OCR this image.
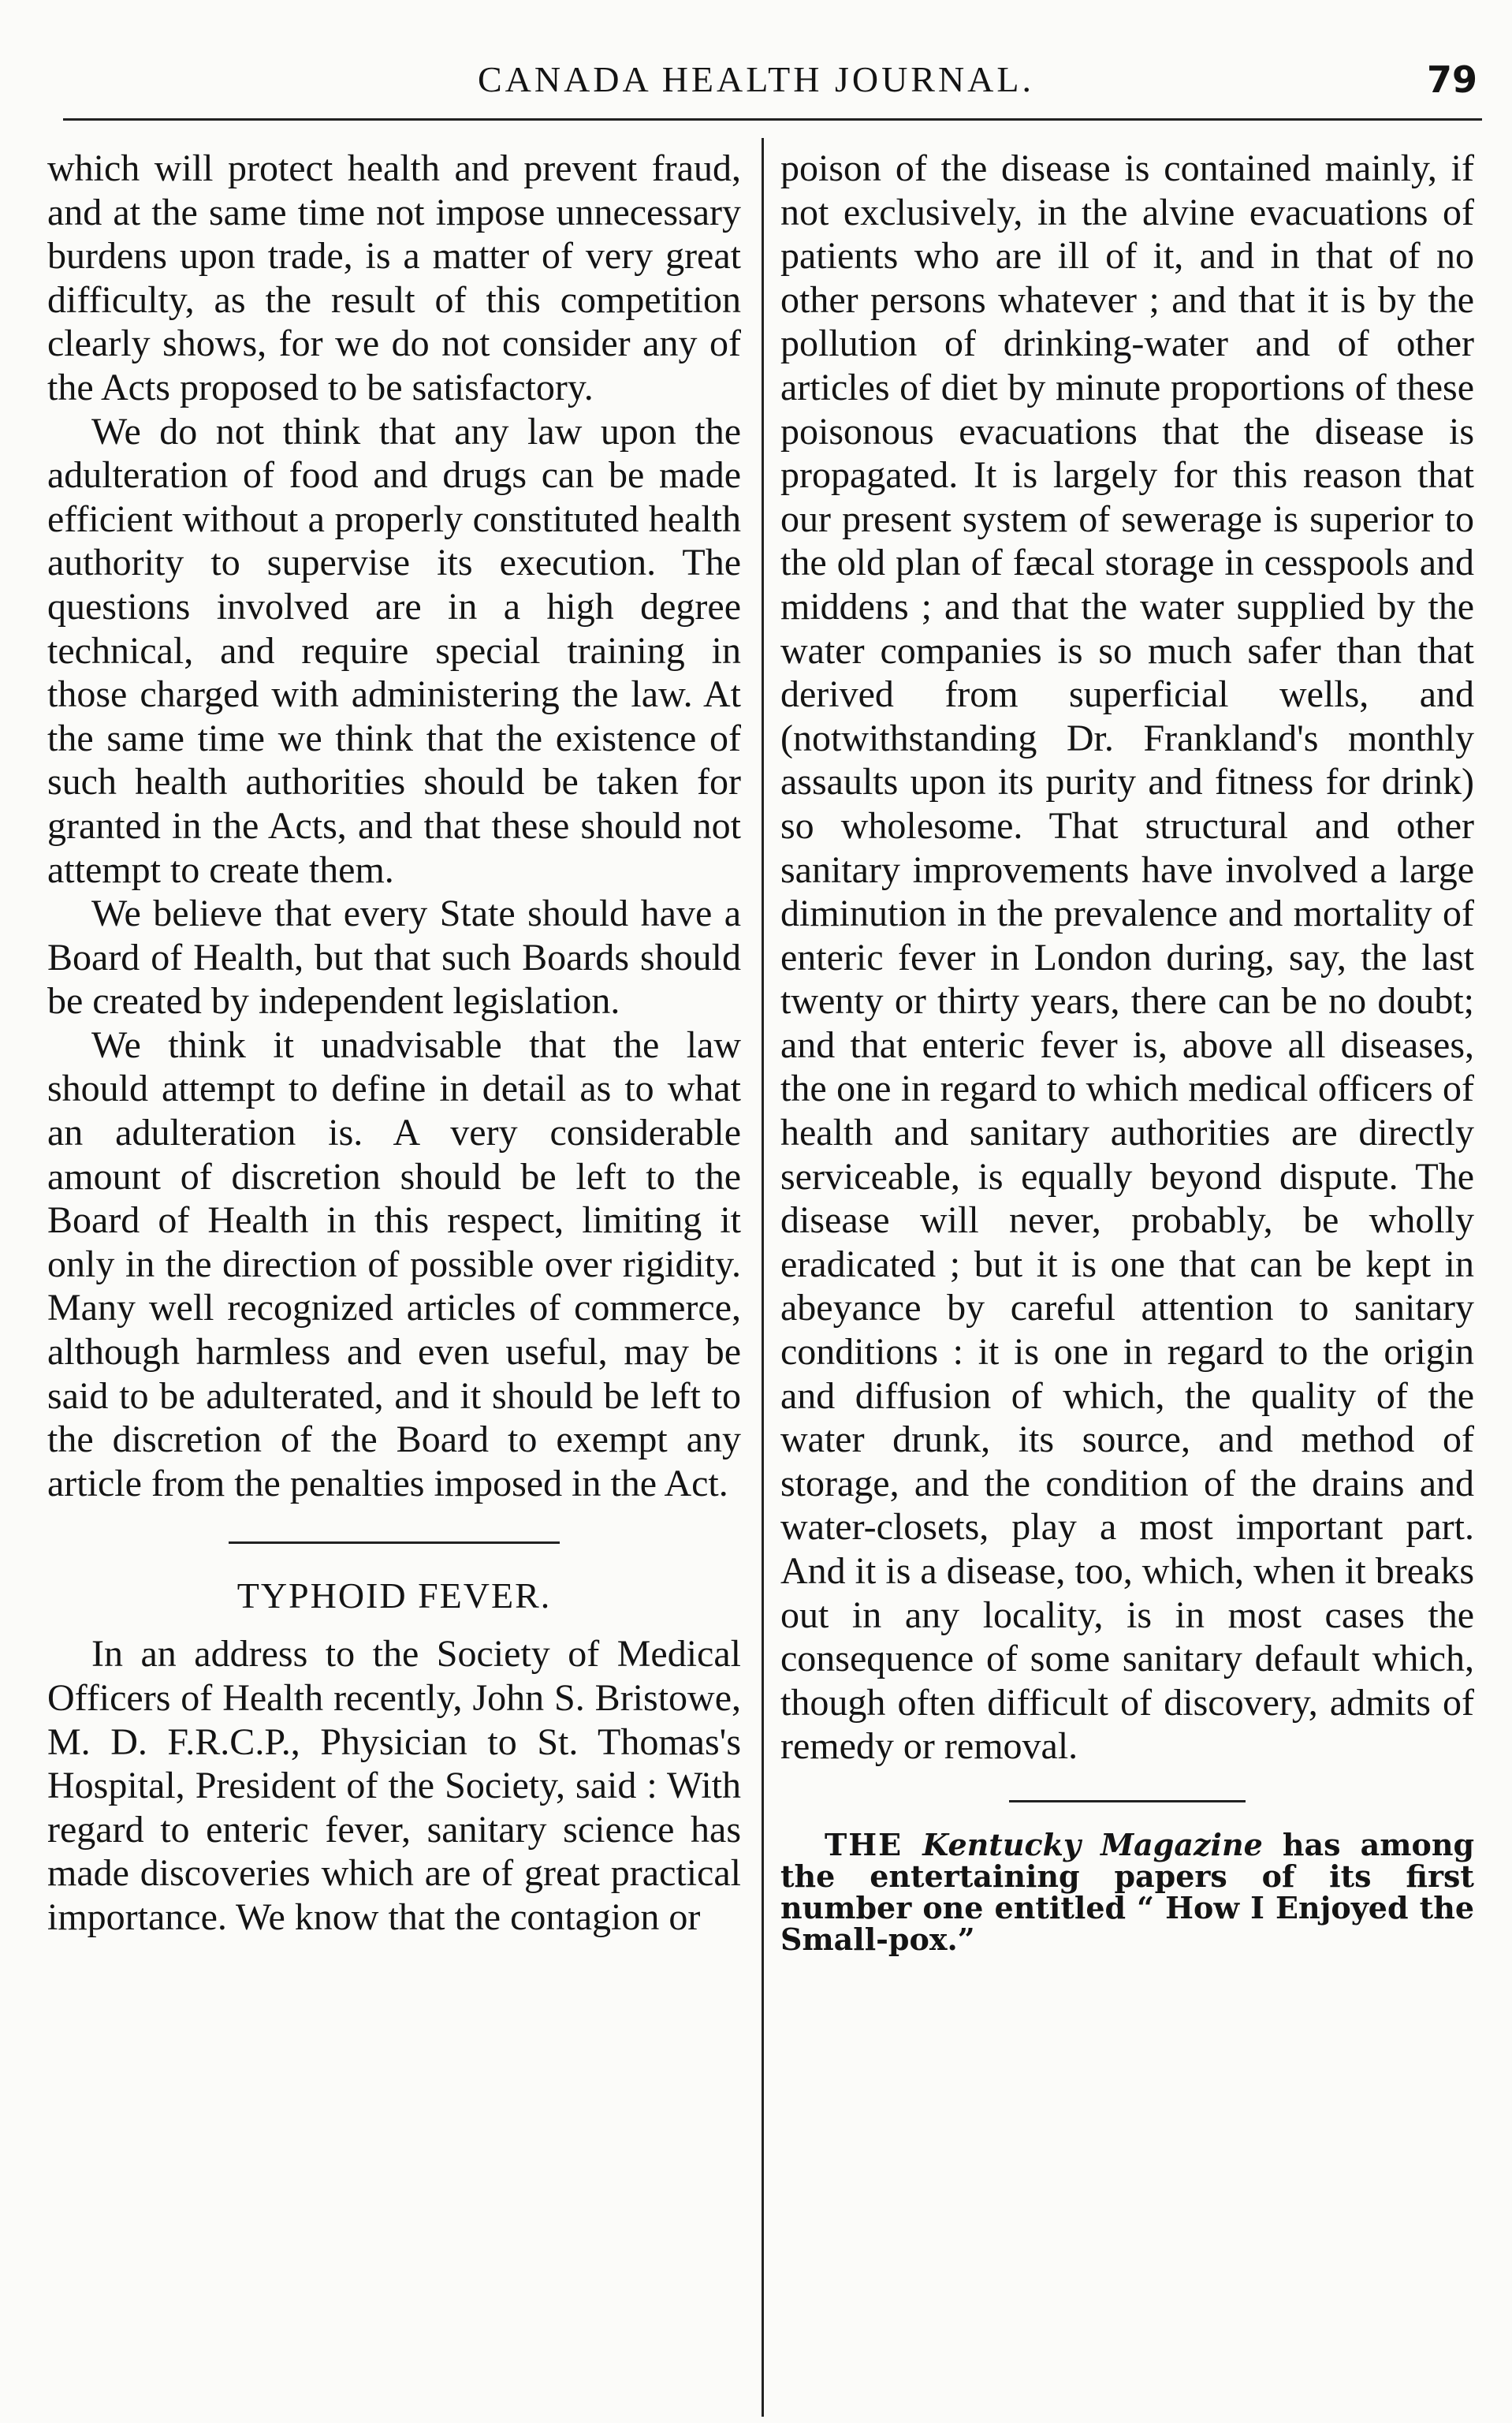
CANADA HEALTH JOURNAL.	79

which will protect health and prevent fraud, and at the same time not impose unnecessary burdens upon trade, is a matter of very great difficulty, as the result of this competition clearly shows, for we do not consider any of the Acts proposed to be satisfactory.

We do not think that any law upon the adulteration of food and drugs can be made efficient without a properly constituted health authority to supervise its execution. The questions involved are in a high degree technical, and require special training in those charged with administering the law. At the same time we think that the existence of such health authorities should be taken for granted in the Acts, and that these should not attempt to create them.

We believe that every State should have a Board of Health, but that such Boards should be created by independent legislation.

We think it unadvisable that the law should attempt to define in detail as to what an adulteration is. A very considerable amount of discretion should be left to the Board of Health in this respect, limiting it only in the direction of possible over rigidity. Many well recognized articles of commerce, although harmless and even useful, may be said to be adulterated, and it should be left to the discretion of the Board to exempt any article from the penalties imposed in the Act.

TYPHOID FEVER.

In an address to the Society of Medical Officers of Health recently, John S. Bristowe, M. D. F.R.C.P., Physician to St. Thomas's Hospital, President of the Society, said : With regard to enteric fever, sanitary science has made discoveries which are of great practical importance. We know that the contagion or

poison of the disease is contained mainly, if not exclusively, in the alvine evacuations of patients who are ill of it, and in that of no other persons whatever ; and that it is by the pollution of drinking-water and of other articles of diet by minute proportions of these poisonous evacuations that the disease is propagated. It is largely for this reason that our present system of sewerage is superior to the old plan of fæcal storage in cesspools and middens ; and that the water supplied by the water companies is so much safer than that derived from superficial wells, and (notwithstanding Dr. Frankland's monthly assaults upon its purity and fitness for drink) so wholesome. That structural and other sanitary improvements have involved a large diminution in the prevalence and mortality of enteric fever in London during, say, the last twenty or thirty years, there can be no doubt; and that enteric fever is, above all diseases, the one in regard to which medical officers of health and sanitary authorities are directly serviceable, is equally beyond dispute. The disease will never, probably, be wholly eradicated ; but it is one that can be kept in abeyance by careful attention to sanitary conditions : it is one in regard to the origin and diffusion of which, the quality of the water drunk, its source, and method of storage, and the condition of the drains and water-closets, play a most important part. And it is a disease, too, which, when it breaks out in any locality, is in most cases the consequence of some sanitary default which, though often difficult of discovery, admits of remedy or removal.

THE Kentucky Magazine has among the entertaining papers of its first number one entitled “ How I Enjoyed the Small-pox.”
